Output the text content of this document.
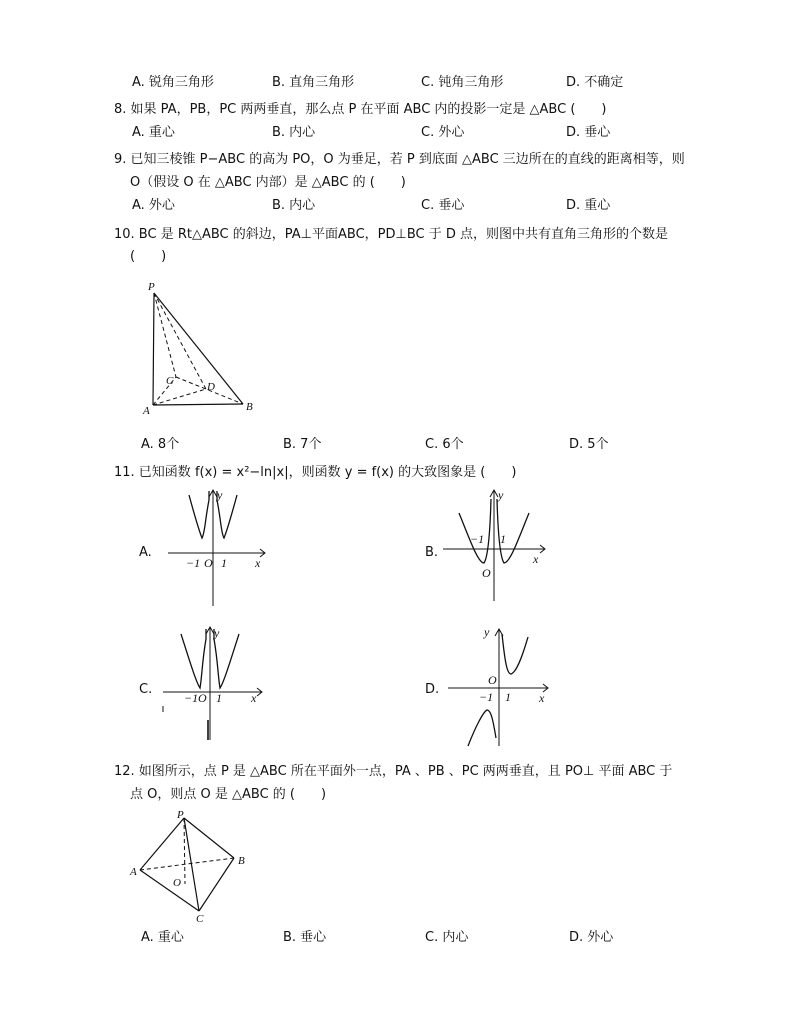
A. 锐角三角形	B. 直角三角形	C. 钝角三角形	D. 不确定
8. 如果 PA，PB，PC 两两垂直，那么点 P 在平面 ABC 内的投影一定是 △ABC (　　)
A. 重心	B. 内心	C. 外心	D. 垂心
9. 已知三棱锥 P−ABC 的高为 PO，O 为垂足，若 P 到底面 △ABC 三边所在的直线的距离相等，则
O（假设 O 在 △ABC 内部）是 △ABC 的 (　　)
A. 外心	B. 内心	C. 垂心	D. 重心
10. BC 是 Rt△ABC 的斜边，PA⊥平面ABC，PD⊥BC 于 D 点，则图中共有直角三角形的个数是
(　　)
P
A	B
C	D
A. 8个	B. 7个	C. 6个	D. 5个
11. 已知函数 f(x) = x²−ln|x|，则函数 y = f(x) 的大致图象是 (　　)
A.
y
x
−1 O 1
B.
y
x
−1
O
1
C.
y
x
−1 O 1
D.
y
x
−1
O
1
12. 如图所示，点 P 是 △ABC 所在平面外一点，PA 、PB 、PC 两两垂直，且 PO⊥ 平面 ABC 于
点 O，则点 O 是 △ABC 的 (　　)
P
A
B
C
O
A. 重心	B. 垂心	C. 内心	D. 外心
